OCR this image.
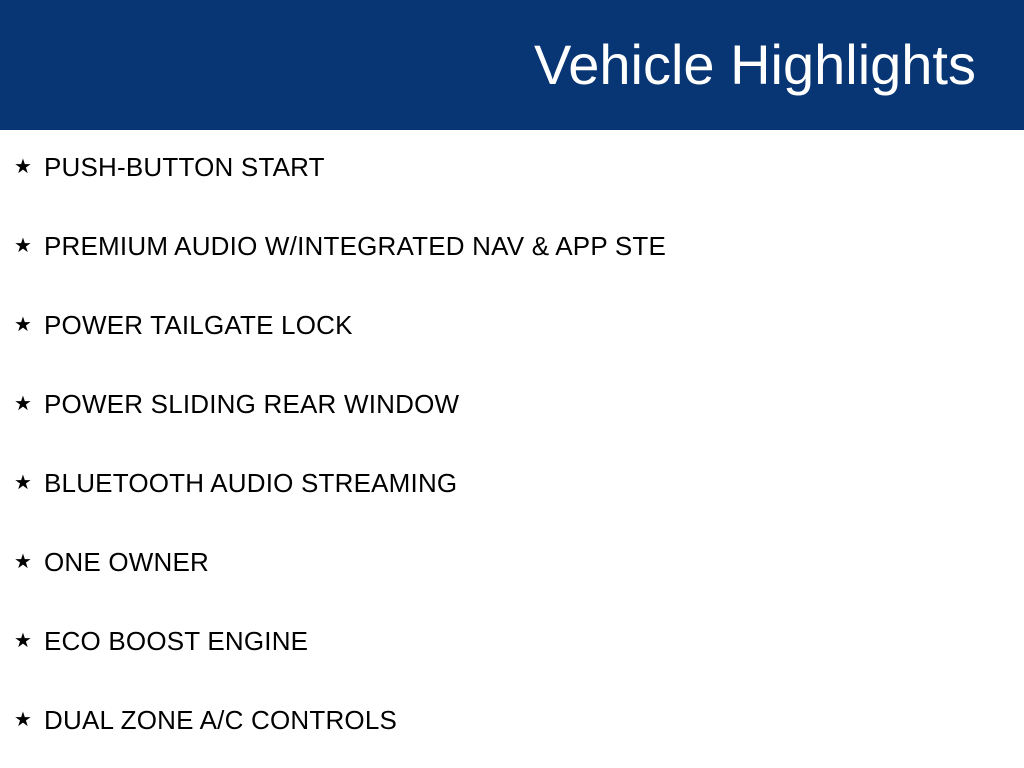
Vehicle Highlights
★ PUSH-BUTTON START
★ PREMIUM AUDIO W/INTEGRATED NAV & APP STE
★ POWER TAILGATE LOCK
★ POWER SLIDING REAR WINDOW
★ BLUETOOTH AUDIO STREAMING
★ ONE OWNER
★ ECO BOOST ENGINE
★ DUAL ZONE A/C CONTROLS
